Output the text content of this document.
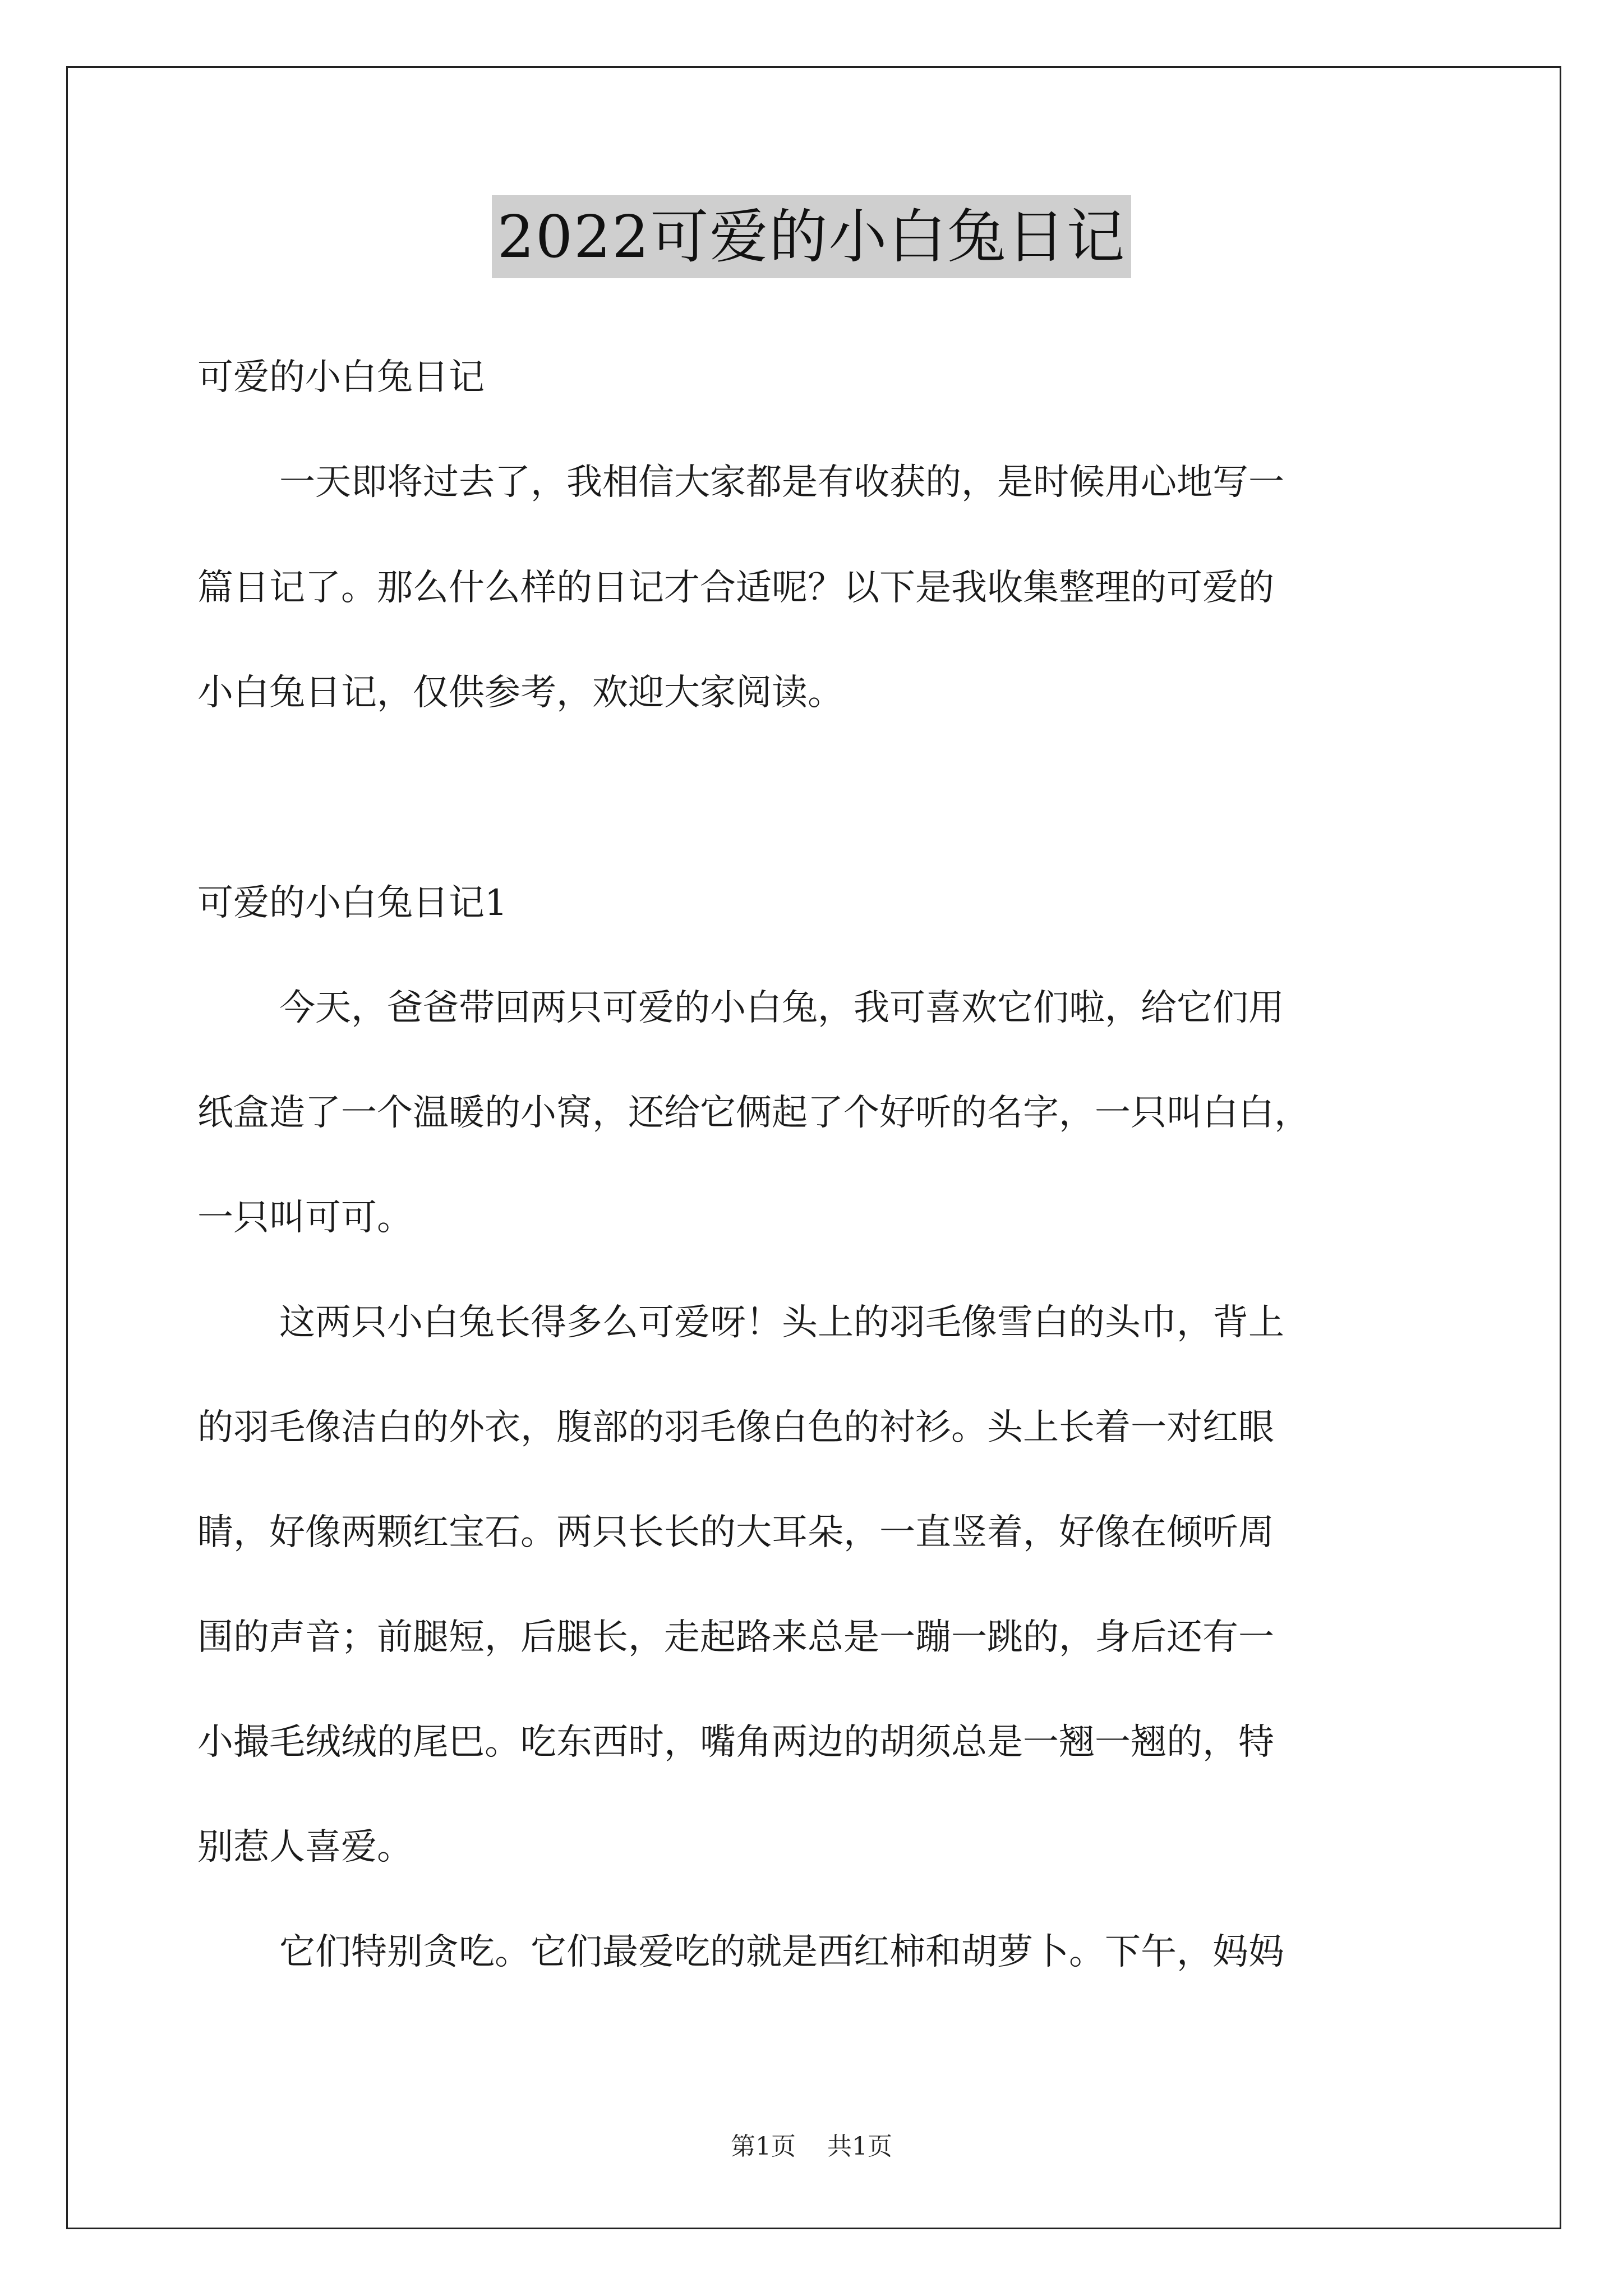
2022可爱的小白兔日记
可爱的小白兔日记
一天即将过去了，我相信大家都是有收获的，是时候用心地写一
篇日记了。那么什么样的日记才合适呢？以下是我收集整理的可爱的
小白兔日记，仅供参考，欢迎大家阅读。
可爱的小白兔日记1
今天，爸爸带回两只可爱的小白兔，我可喜欢它们啦，给它们用
纸盒造了一个温暖的小窝，还给它俩起了个好听的名字，一只叫白白，
一只叫可可。
这两只小白兔长得多么可爱呀！头上的羽毛像雪白的头巾，背上
的羽毛像洁白的外衣，腹部的羽毛像白色的衬衫。头上长着一对红眼
睛，好像两颗红宝石。两只长长的大耳朵，一直竖着，好像在倾听周
围的声音；前腿短，后腿长，走起路来总是一蹦一跳的，身后还有一
小撮毛绒绒的尾巴。吃东西时，嘴角两边的胡须总是一翘一翘的，特
别惹人喜爱。
它们特别贪吃。它们最爱吃的就是西红柿和胡萝卜。下午，妈妈
第1页 共1页
